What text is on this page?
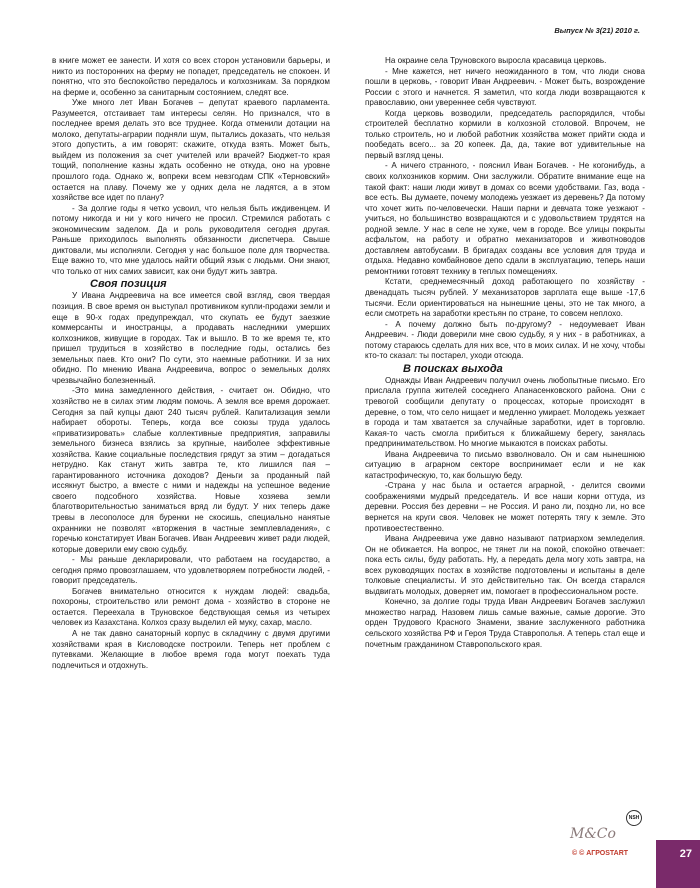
Выпуск № 3(21) 2010 г.

в книге может ее занести. И хотя со всех сторон установили барьеры, и никто из посторонних на ферму не попадет, председатель не спокоен. И понятно, что это беспокойство передалось и колхозникам. За порядком на ферме и, особенно за санитарным состоянием, следят все.

Уже много лет Иван Богачев – депутат краевого парламента. Разумеется, отстаивает там интересы селян. Но признался, что в последнее время делать это все труднее. Когда отменили дотации на молоко, депутаты-аграрии подняли шум, пытались доказать, что нельзя этого допустить, а им говорят: скажите, откуда взять. Может быть, выйдем из положения за счет учителей или врачей? Бюджет-то края тощий, пополнение казны ждать особенно не откуда, оно на уровне прошлого года. Однако ж, вопреки всем невзгодам СПК «Терновский» остается на плаву. Почему же у одних дела не ладятся, а в этом хозяйстве все идет по плану?

- За долгие годы я четко усвоил, что нельзя быть иждивенцем. И потому никогда и ни у кого ничего не просил. Стремился работать с экономическим заделом. Да и роль руководителя сегодня другая. Раньше приходилось выполнять обязанности диспетчера. Свыше диктовали, мы исполняли. Сегодня у нас большое поле для творчества. Еще важно то, что мне удалось найти общий язык с людьми. Они знают, что только от них самих зависит, как они будут жить завтра.

Своя позиция

У Ивана Андреевича на все имеется свой взгляд, своя твердая позиция. В свое время он выступал противником купли-продажи земли и еще в 90-х годах предупреждал, что скупать ее будут заезжие коммерсанты и иностранцы, а продавать наследники умерших колхозников, живущие в городах. Так и вышло. В то же время те, кто пришел трудиться в хозяйство в последние годы, остались без земельных паев. Кто они? По сути, это наемные работники. И за них обидно. По мнению Ивана Андреевича, вопрос о земельных долях чрезвычайно болезненный.

-Это мина замедленного действия, - считает он. Обидно, что хозяйство не в силах этим людям помочь. А земля все время дорожает. Сегодня за пай купцы дают 240 тысяч рублей. Капитализация земли набирает обороты. Теперь, когда все союзы труда удалось «приватизировать» слабые коллективные предприятия, заправилы земельного бизнеса взялись за крупные, наиболее эффективные хозяйства. Какие социальные последствия грядут за этим – догадаться нетрудно. Как станут жить завтра те, кто лишился пая – гарантированного источника доходов? Деньги за проданный пай иссякнут быстро, а вместе с ними и надежды на успешное ведение своего подсобного хозяйства. Новые хозяева земли благотворительностью заниматься вряд ли будут. У них теперь даже тревы в лесополосе для буренки не скосишь, специально нанятые охранники не позволят «вторжения в частные земплевладения», с горечью констатирует Иван Богачев. Иван Андреевич живет ради людей, которые доверили ему свою судьбу.

- Мы раньше декларировали, что работаем на государство, а сегодня прямо провозглашаем, что удовлетворяем потребности людей, - говорит председатель.

Богачев внимательно относится к нуждам людей: свадьба, похороны, строительство или ремонт дома - хозяйство в стороне не остается. Переехала в Труновское бедствующая семья из четырех человек из Казахстана. Колхоз сразу выделил ей муку, сахар, масло.

А не так давно санаторный корпус в складчину с двумя другими хозяйствами края в Кисловодске построили. Теперь нет проблем с путевками. Желающие в любое время года могут поехать туда подлечиться и отдохнуть.

На окраине села Труновского выросла красавица церковь.

- Мне кажется, нет ничего неожиданного в том, что люди снова пошли в церковь, - говорит Иван Андреевич. - Может быть, возрождение России с этого и начнется. Я заметил, что когда люди возвращаются к православию, они увереннее себя чувствуют.

Когда церковь возводили, председатель распорядился, чтобы строителей бесплатно кормили в колхозной столовой. Впрочем, не только строитель, но и любой работник хозяйства может прийти сюда и пообедать всего... за 20 копеек. Да, да, такие вот удивительные на первый взгляд цены.

- А ничего странного, - пояснил Иван Богачев. - Не когонибудь, а своих колхозников кормим. Они заслужили. Обратите внимание еще на такой факт: наши люди живут в домах со всеми удобствами. Газ, вода - все есть. Вы думаете, почему молодежь уезжает из деревень? Да потому что хочет жить по-человечески. Наши парни и девчата тоже уезжают - учиться, но большинство возвращаются и с удовольствием трудятся на родной земле. У нас в селе не хуже, чем в городе. Все улицы покрыты асфальтом, на работу и обратно механизаторов и животноводов доставляем автобусами. В бригадах созданы все условия для труда и отдыха. Недавно комбайновое депо сдали в эксплуатацию, теперь наши ремонтники готовят технику в теплых помещениях.

Кстати, среднемесячный доход работающего по хозяйству - двенадцать тысяч рублей. У механизаторов зарплата еще выше -17,6 тысячи. Если ориентироваться на нынешние цены, это не так много, а если смотреть на заработки крестьян по стране, то совсем неплохо.

- А почему должно быть по-другому? - недоумевает Иван Андреевич. - Люди доверили мне свою судьбу, я у них - в работниках, а потому стараюсь сделать для них все, что в моих силах. И не хочу, чтобы кто-то сказал: ты постарел, уходи отсюда.

В поисках выхода

Однажды Иван Андреевич получил очень любопытные письмо. Его прислала группа жителей соседнего Апанасенковского района. Они с тревогой сообщили депутату о процессах, которые происходят в деревне, о том, что село нищает и медленно умирает. Молодежь уезжает в города и там хватается за случайные заработки, идет в торговлю. Какая-то часть смогла прибиться к ближайшему берегу, занялась предпринимательством. Но многие мыкаются в поисках работы.

Ивана Андреевича то письмо взволновало. Он и сам нынешнюю ситуацию в аграрном секторе воспринимает если и не как катастрофическую, то, как большую беду.

-Страна у нас была и остается аграрной, - делится своими соображениями мудрый председатель. И все наши корни оттуда, из деревни. Россия без деревни – не Россия. И рано ли, поздно ли, но все вернется на круги своя. Человек не может потерять тягу к земле. Это противоестественно.

Ивана Андреевича уже давно называют патриархом земледелия. Он не обижается. На вопрос, не тянет ли на покой, спокойно отвечает: пока есть силы, буду работать. Ну, а передать дела могу хоть завтра, на всех руководящих постах в хозяйстве подготовлены и испытаны в деле толковые специалисты. И это действительно так. Он всегда старался выдвигать молодых, доверяет им, помогает в профессиональном росте.

Конечно, за долгие годы труда Иван Андреевич Богачев заслужил множество наград. Назовем лишь самые важные, самые дорогие. Это орден Трудового Красного Знамени, звание заслуженного работника сельского хозяйства РФ и Героя Труда Ставрополья. А теперь стал еще и почетным гражданином Ставропольского края.

NSH
M&Co
© © АГРОSTART	27
